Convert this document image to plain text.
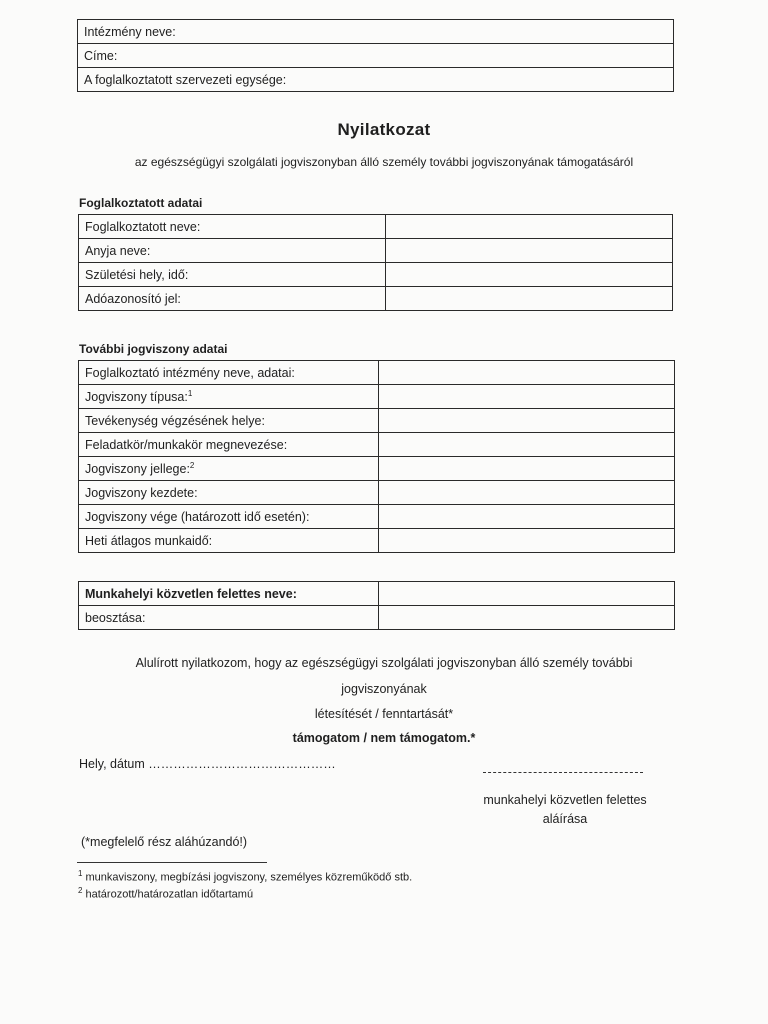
Intézmény neve:
Címe:
A foglalkoztatott szervezeti egysége:
Nyilatkozat
az egészségügyi szolgálati jogviszonyban álló személy további jogviszonyának támogatásáról
Foglalkoztatott adatai
Foglalkoztatott neve:	
Anyja neve:	
Születési hely, idő:	
Adóazonosító jel:	
További jogviszony adatai
Foglalkoztató intézmény neve, adatai:	
Jogviszony típusa:$^1$	
Tevékenység végzésének helye:	
Feladatkör/munkakör megnevezése:	
Jogviszony jellege:$^2$	
Jogviszony kezdete:	
Jogviszony vége (határozott idő esetén):	
Heti átlagos munkaidő:	
Munkahelyi közvetlen felettes neve:	
beosztása:	
Alulírott nyilatkozom, hogy az egészségügyi szolgálati jogviszonyban álló személy további
jogviszonyának
létesítését / fenntartását*
támogatom / nem támogatom.*
Hely, dátum ………………………………………
munkahelyi közvetlen felettes
aláírása
(*megfelelő rész aláhúzandó!)
$^1$ munkaviszony, megbízási jogviszony, személyes közreműködő stb.
$^2$ határozott/határozatlan időtartamú
